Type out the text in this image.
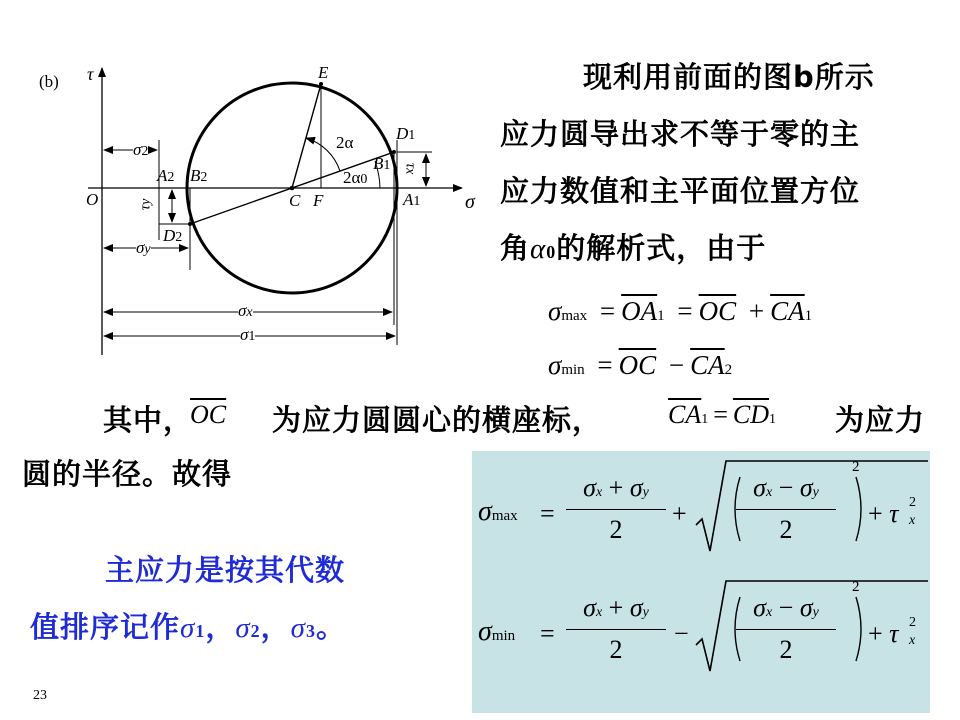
(b) τ
σ
O	C F
E
A1
A2
B1
B2
D1
D2
2α
2α0
τx
τy
σ2
σy
σx
σ1
现利用前面的图b所示
应力圆导出求不等于零的主
应力数值和主平面位置方位
角α0的解析式，由于
$\sigma\max = \overline{OA}1 = \overline{OC} + \overline{CA}1$
$\sigma\min = \overline{OC} - \overline{CA}2$
其中，
$\overline{OC}$ 为应力圆圆心的横座标，	$\overline{CA}1 = \overline{CD}1$ 为应力
圆的半径。故得
主应力是按其代数
值排序记作σ1，σ2，σ3。
23
σmax =
σx + σy
2
+
σx − σy
2
2
+ τ 2
x
σmin =
σx + σy
2
−
σx − σy
2
2
+ τ 2
x
